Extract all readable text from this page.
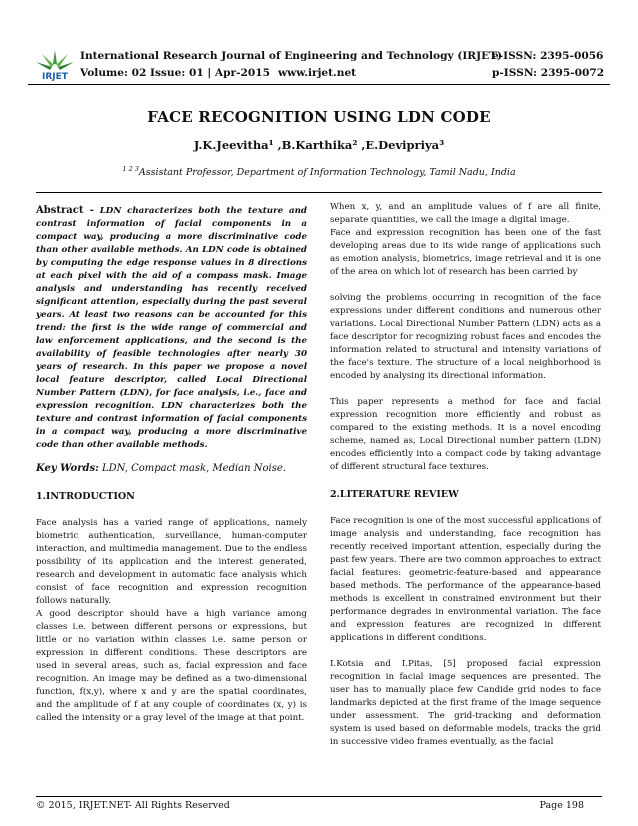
IRJET
International Research Journal of Engineering and Technology (IRJET)
Volume: 02 Issue: 01 | Apr-2015 www.irjet.net
e-ISSN: 2395-0056
p-ISSN: 2395-0072
FACE RECOGNITION USING LDN CODE
J.K.Jeevitha¹ ,B.Karthika² ,E.Devipriya³
$^{1 2 3}$Assistant Professor, Department of Information Technology, Tamil Nadu, India

Abstract - LDN characterizes both the texture and contrast information of facial components in a compact way, producing a more discriminative code than other available methods. An LDN code is obtained by computing the edge response values in 8 directions at each pixel with the aid of a compass mask. Image analysis and understanding has recently received significant attention, especially during the past several years. At least two reasons can be accounted for this trend: the first is the wide range of commercial and law enforcement applications, and the second is the availability of feasible technologies after nearly 30 years of research. In this paper we propose a novel local feature descriptor, called Local Directional Number Pattern (LDN), for face analysis, i.e., face and expression recognition. LDN characterizes both the texture and contrast information of facial components in a compact way, producing a more discriminative code than other available methods.

Key Words: LDN, Compact mask, Median Noise.

1.INTRODUCTION

Face analysis has a varied range of applications, namely biometric authentication, surveillance, human-computer interaction, and multimedia management. Due to the endless possibility of its application and the interest generated, research and development in automatic face analysis which consist of face recognition and expression recognition follows naturally.

A good descriptor should have a high variance among classes i.e. between different persons or expressions, but little or no variation within classes i.e. same person or expression in different conditions. These descriptors are used in several areas, such as, facial expression and face recognition. An image may be defined as a two-dimensional function, f(x,y), where x and y are the spatial coordinates, and the amplitude of f at any couple of coordinates (x, y) is called the intensity or a gray level of the image at that point.

When x, y, and an amplitude values of f are all finite, separate quantities, we call the image a digital image.

Face and expression recognition has been one of the fast developing areas due to its wide range of applications such as emotion analysis, biometrics, image retrieval and it is one of the area on which lot of research has been carried by

solving the problems occurring in recognition of the face expressions under different conditions and numerous other variations. Local Directional Number Pattern (LDN) acts as a face descriptor for recognizing robust faces and encodes the information related to structural and intensity variations of the face's texture. The structure of a local neighborhood is encoded by analysing its directional information.

This paper represents a method for face and facial expression recognition more efficiently and robust as compared to the existing methods. It is a novel encoding scheme, named as, Local Directional number pattern (LDN) encodes efficiently into a compact code by taking advantage of different structural face textures.

2.LITERATURE REVIEW

Face recognition is one of the most successful applications of image analysis and understanding, face recognition has recently received important attention, especially during the past few years. There are two common approaches to extract facial features: geometric-feature-based and appearance based methods. The performance of the appearance-based methods is excellent in constrained environment but their performance degrades in environmental variation. The face and expression features are recognized in different applications in different conditions.

I.Kotsia and I.Pitas, [5] proposed facial expression recognition in facial image sequences are presented. The user has to manually place few Candide grid nodes to face landmarks depicted at the first frame of the image sequence under assessment. The grid-tracking and deformation system is used based on deformable models, tracks the grid in successive video frames eventually, as the facial

© 2015, IRJET.NET- All Rights Reserved	Page 198
